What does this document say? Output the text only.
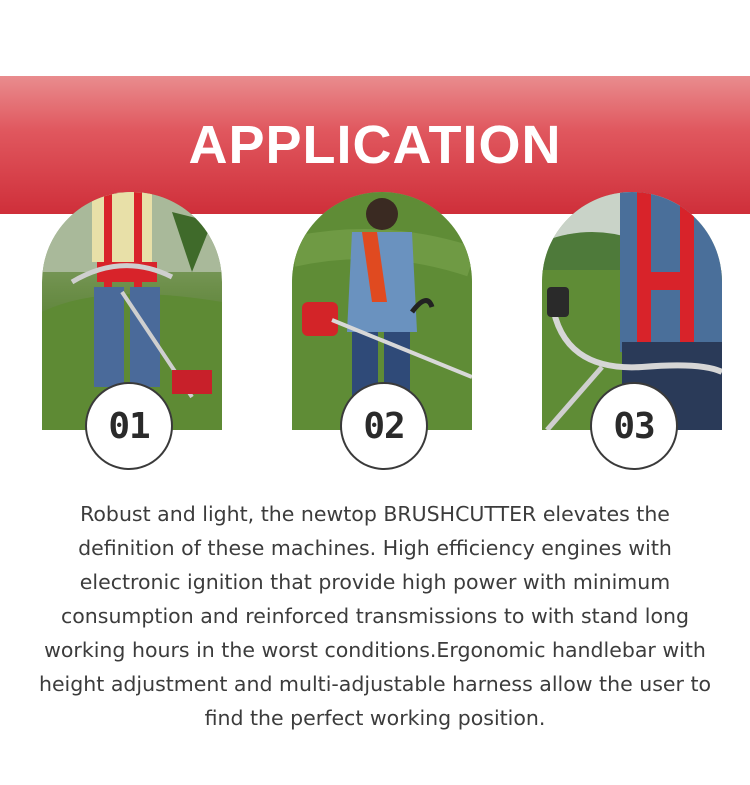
APPLICATION
01	02	03
Robust and light, the newtop BRUSHCUTTER elevates the definition of these machines. High efficiency engines with electronic ignition that provide high power with minimum consumption and reinforced transmissions to with stand long working hours in the worst conditions.Ergonomic handlebar with height adjustment and multi-adjustable harness allow the user to find the perfect working position.
